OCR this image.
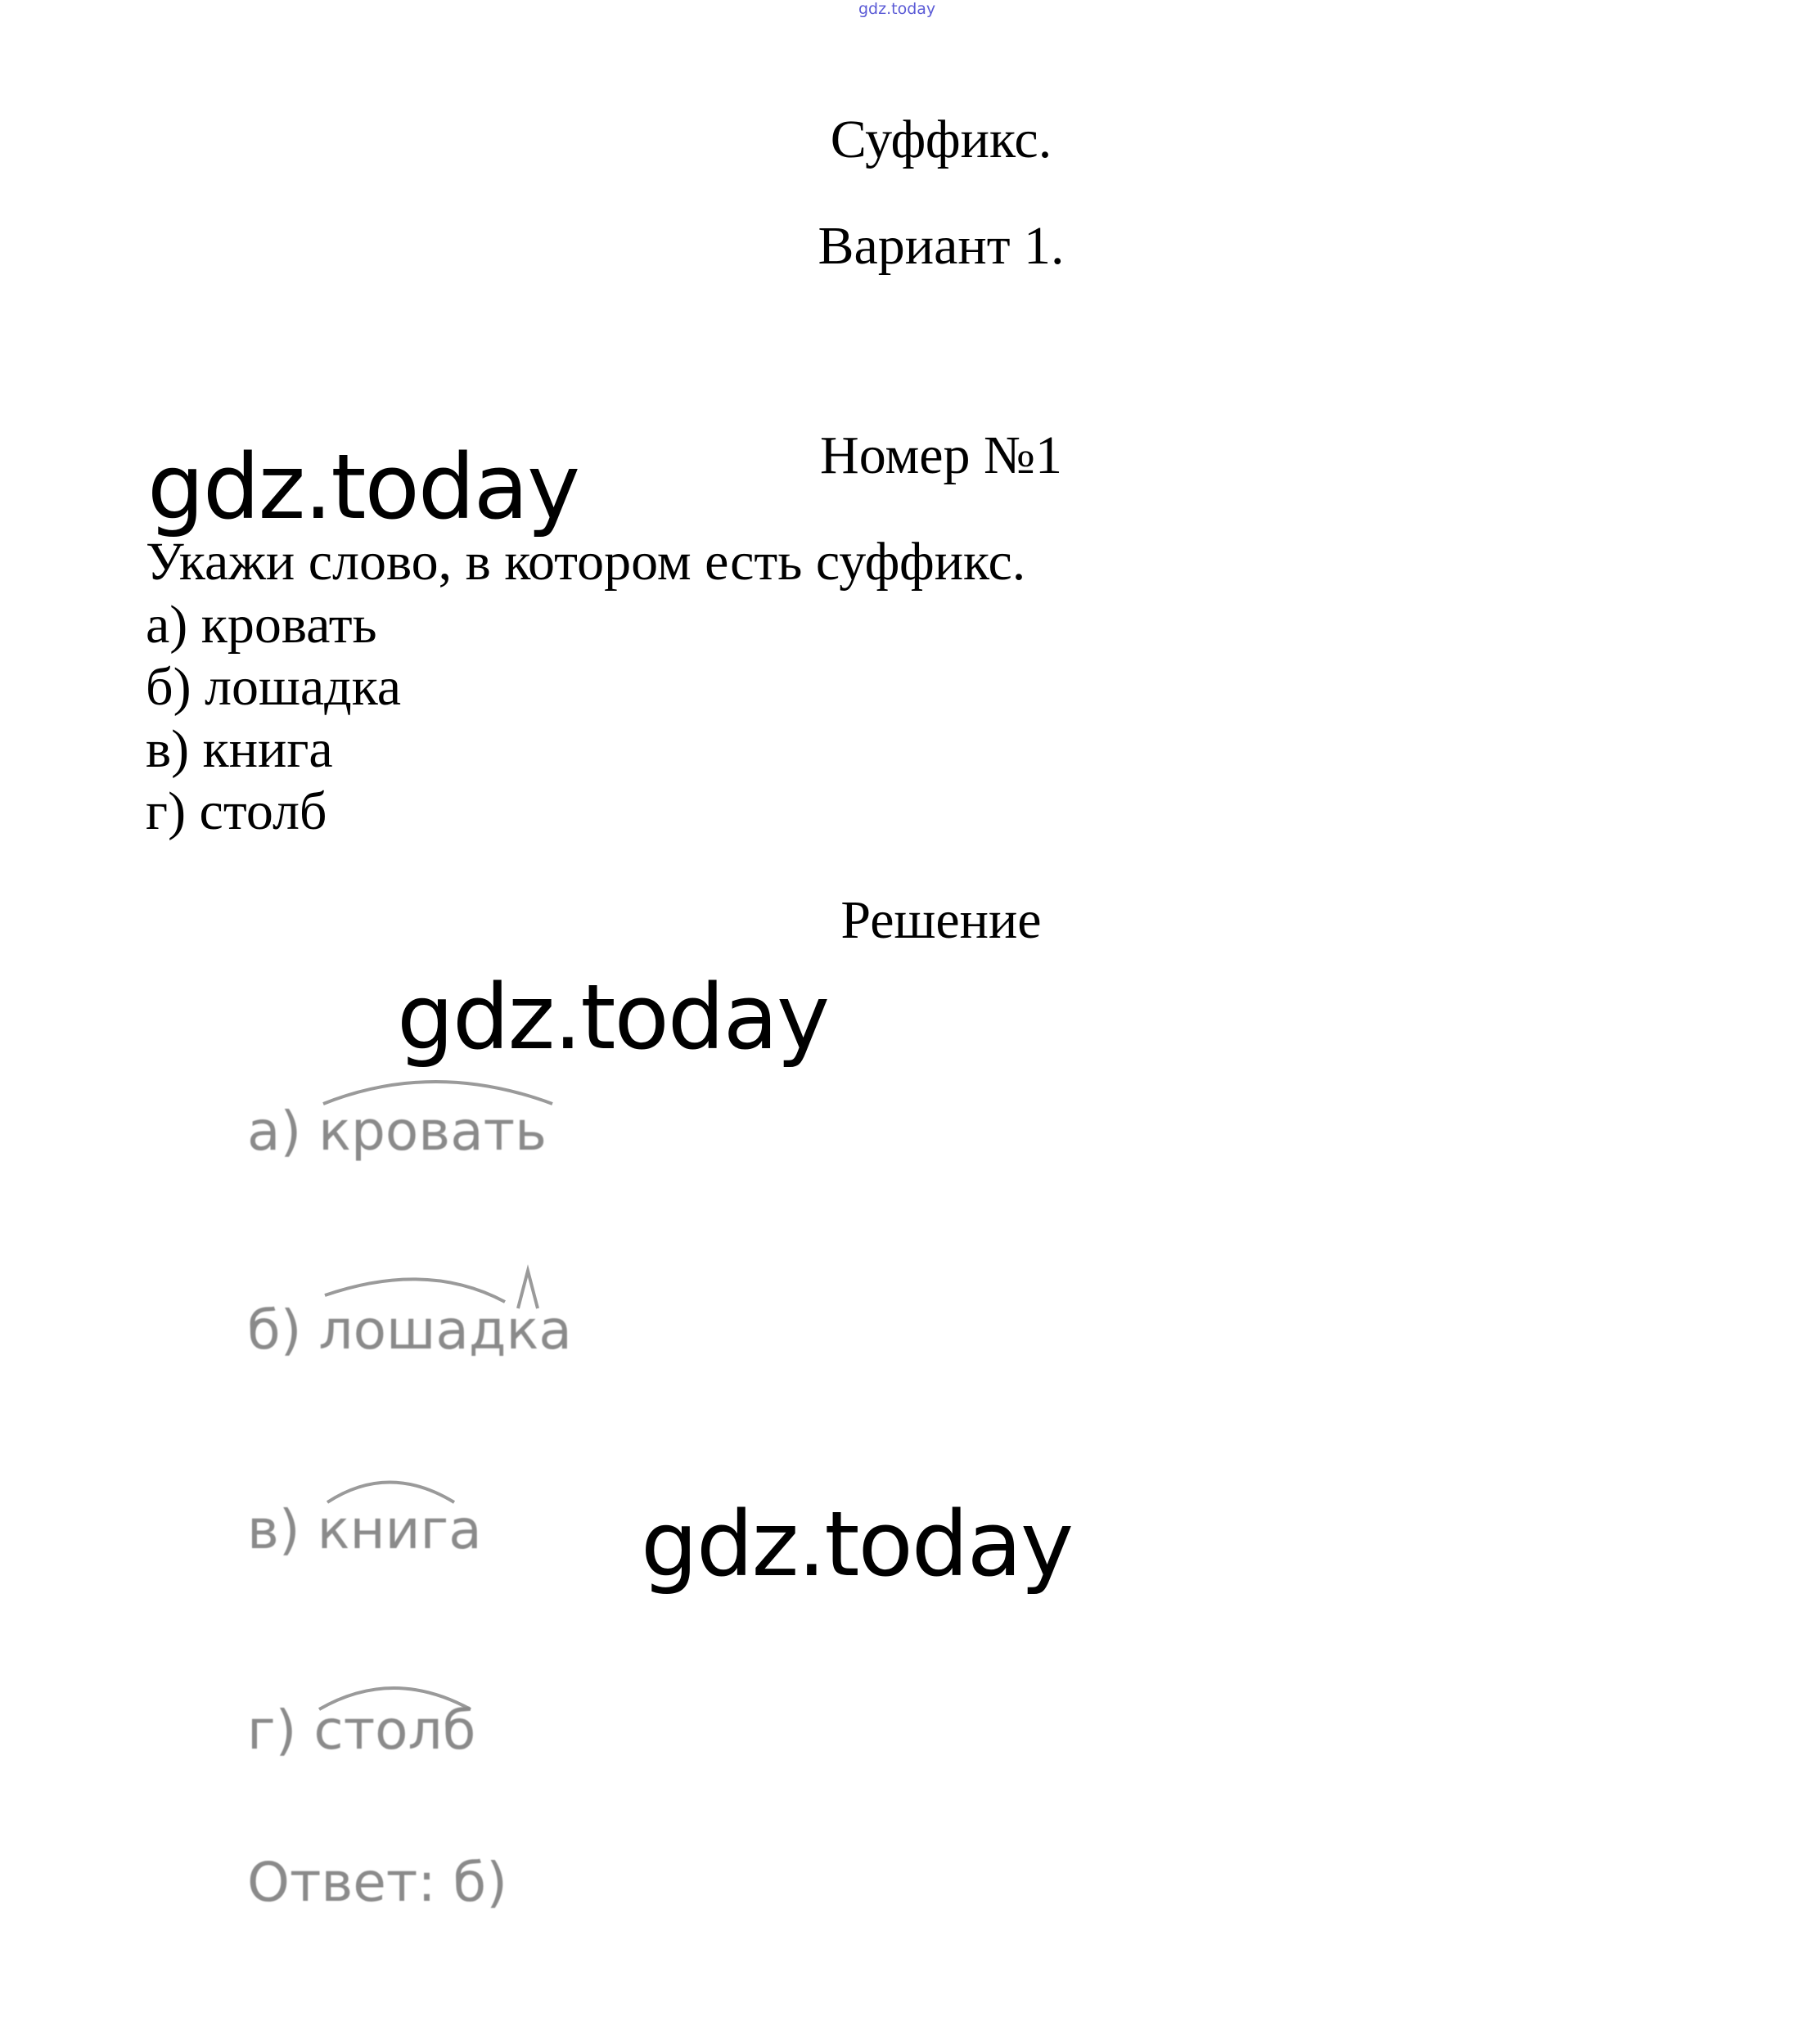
gdz.today
Суффикс.
Вариант 1.
Номер №1
gdz.today
Укажи слово, в котором есть суффикс.
а) кровать
б) лошадка
в) книга
г) столб
Решение
gdz.today
а) кровать
б) лошадка
в) книга gdz.today
г) столб
Ответ: б)
